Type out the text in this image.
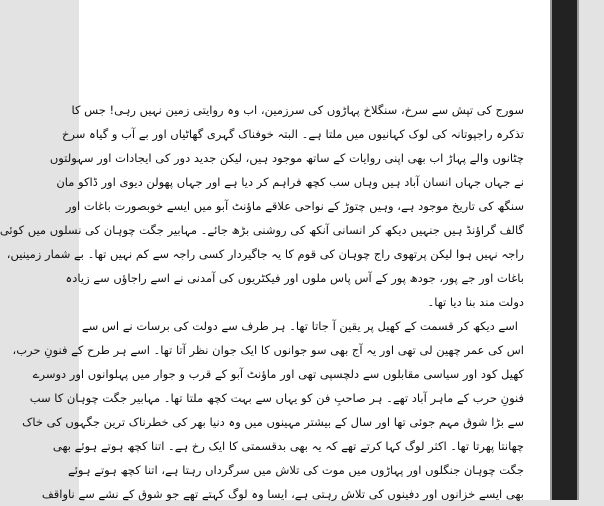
سورج کی تپش سے سرخ، سنگلاخ پہاڑوں کی سرزمین، اب وہ روایتی زمین نہیں رہی! جس کا
تذکرہ راجپوتانہ کی لوک کہانیوں میں ملتا ہے۔ البتہ خوفناک گہری گھاٹیاں اور بے آب و گیاہ سرخ
چٹانوں والے پہاڑ اب بھی اپنی روایات کے ساتھ موجود ہیں، لیکن جدید دور کی ایجادات اور سہولتوں
نے جہاں جہاں انسان آباد ہیں وہاں سب کچھ فراہم کر دیا ہے اور جہاں پھولن دیوی اور ڈاکو مان
سنگھ کی تاریخ موجود ہے، وہیں چتوڑ کے نواحی علاقے ماؤنٹ آبو میں ایسے خوبصورت باغات اور
گالف گراؤنڈ ہیں جنہیں دیکھ کر انسانی آنکھ کی روشنی بڑھ جائے۔ مہابیر جگت چوہان کی نسلوں میں کوئی
راجہ نہیں ہوا لیکن پرتھوی راج چوہان کی قوم کا یہ جاگیردار کسی راجہ سے کم نہیں تھا۔ بے شمار زمینیں،
باغات اور جے پور، جودھ پور کے آس پاس ملوں اور فیکٹریوں کی آمدنی نے اسے راجاؤں سے زیادہ
دولت مند بنا دیا تھا۔
اسے دیکھ کر قسمت کے کھیل پر یقین آ جاتا تھا۔ ہر طرف سے دولت کی برسات نے اس سے
اس کی عمر چھین لی تھی اور یہ آج بھی سو جوانوں کا ایک جوان نظر آتا تھا۔ اسے ہر طرح کے فنونِ حرب،
کھیل کود اور سیاسی مقابلوں سے دلچسپی تھی اور ماؤنٹ آبو کے قرب و جوار میں پہلوانوں اور دوسرے
فنونِ حرب کے ماہر آباد تھے۔ ہر صاحبِ فن کو یہاں سے بہت کچھ ملتا تھا۔ مہابیر جگت چوہان کا سب
سے بڑا شوق مہم جوئی تھا اور سال کے بیشتر مہینوں میں وہ دنیا بھر کی خطرناک ترین جگہوں کی خاک
چھانتا پھرتا تھا۔ اکثر لوگ کہا کرتے تھے کہ یہ بھی بدقسمتی کا ایک رخ ہے۔ اتنا کچھ ہوتے ہوئے بھی
جگت چوہان جنگلوں اور پہاڑوں میں موت کی تلاش میں سرگرداں رہتا ہے، اتنا کچھ ہوتے ہوئے
بھی ایسے خزانوں اور دفینوں کی تلاش رہتی ہے، ایسا وہ لوگ کہتے تھے جو شوق کے نشے سے ناواقف
